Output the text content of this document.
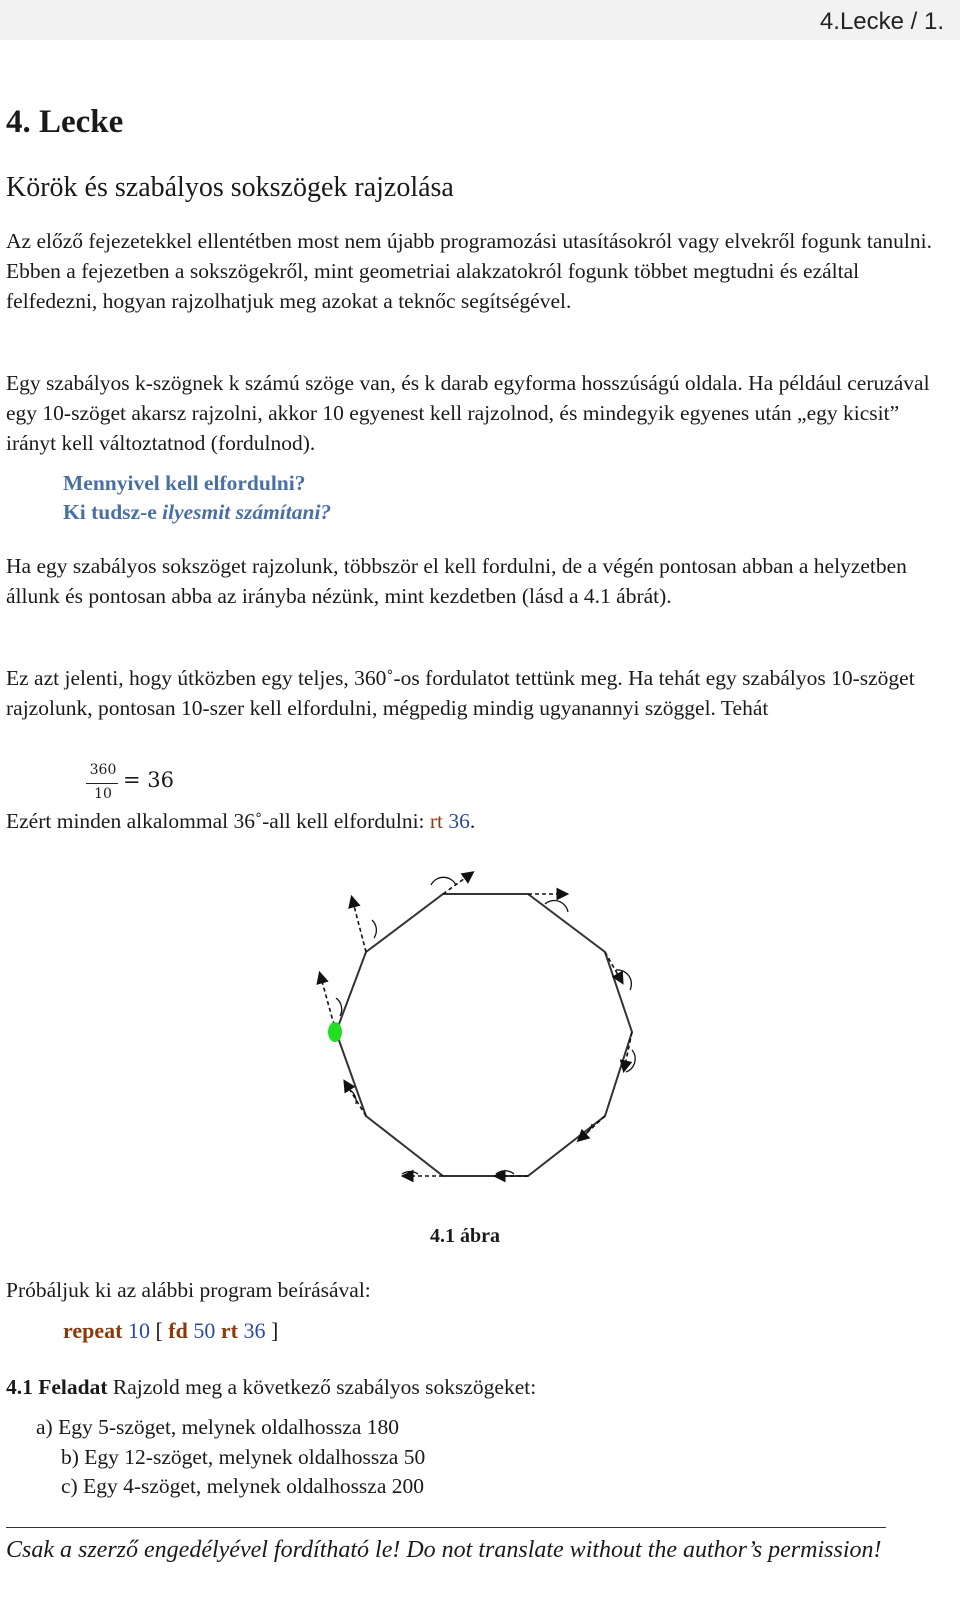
4.Lecke / 1.
4. Lecke
Körök és szabályos sokszögek rajzolása
Az előző fejezetekkel ellentétben most nem újabb programozási utasításokról vagy elvekről fogunk tanulni. Ebben a fejezetben a sokszögekről, mint geometriai alakzatokról fogunk többet megtudni és ezáltal felfedezni, hogyan rajzolhatjuk meg azokat a teknőc segítségével.
Egy szabályos k-szögnek k számú szöge van, és k darab egyforma hosszúságú oldala. Ha például ceruzával egy 10-szöget akarsz rajzolni, akkor 10 egyenest kell rajzolnod, és mindegyik egyenes után „egy kicsit” irányt kell változtatnod (fordulnod).
Mennyivel kell elfordulni?
Ki tudsz-e ilyesmit számítani?
Ha egy szabályos sokszöget rajzolunk, többször el kell fordulni, de a végén pontosan abban a helyzetben állunk és pontosan abba az irányba nézünk, mint kezdetben (lásd a 4.1 ábrát).
Ez azt jelenti, hogy útközben egy teljes, 360˚-os fordulatot tettünk meg. Ha tehát egy szabályos 10-szöget rajzolunk, pontosan 10-szer kell elfordulni, mégpedig mindig ugyanannyi szöggel. Tehát
360
10
= 36
Ezért minden alkalommal 36˚-all kell elfordulni: rt 36.
4.1 ábra
Próbáljuk ki az alábbi program beírásával:
repeat 10 [ fd 50 rt 36 ]
4.1 Feladat Rajzold meg a következő szabályos sokszögeket:
a) Egy 5-szöget, melynek oldalhossza 180
b) Egy 12-szöget, melynek oldalhossza 50
c) Egy 4-szöget, melynek oldalhossza 200
Csak a szerző engedélyével fordítható le! Do not translate without the author’s permission!
